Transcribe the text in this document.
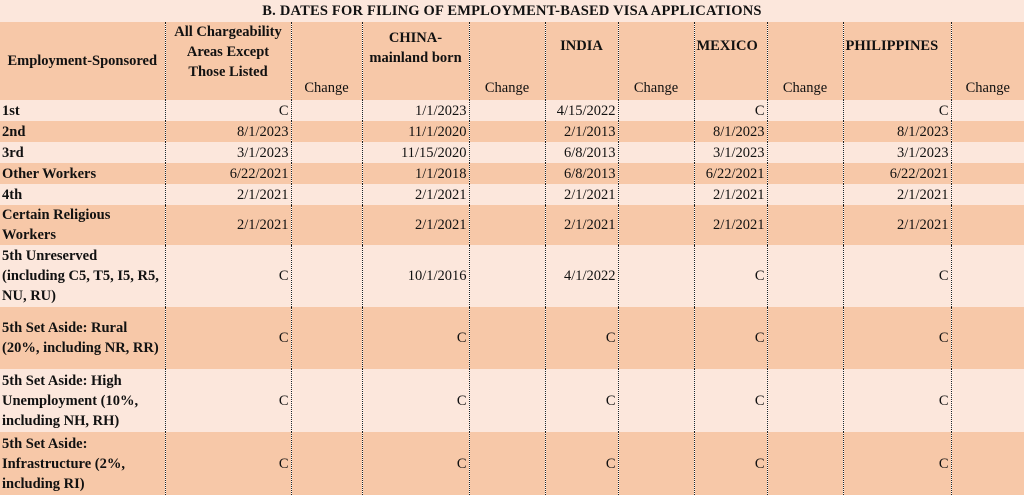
B. DATES FOR FILING OF EMPLOYMENT-BASED VISA APPLICATIONS
Employment-Sponsored	All Chargeability Areas Except Those Listed	Change	CHINA-mainland born	Change	INDIA	Change	MEXICO	Change	PHILIPPINES	Change
1st	C		1/1/2023		4/15/2022		C		C	
2nd	8/1/2023		11/1/2020		2/1/2013		8/1/2023		8/1/2023	
3rd	3/1/2023		11/15/2020		6/8/2013		3/1/2023		3/1/2023	
Other Workers	6/22/2021		1/1/2018		6/8/2013		6/22/2021		6/22/2021	
4th	2/1/2021		2/1/2021		2/1/2021		2/1/2021		2/1/2021	
Certain Religious Workers	2/1/2021		2/1/2021		2/1/2021		2/1/2021		2/1/2021	
5th Unreserved (including C5, T5, I5, R5, NU, RU)	C		10/1/2016		4/1/2022		C		C	
5th Set Aside: Rural (20%, including NR, RR)	C		C		C		C		C	
5th Set Aside: High Unemployment (10%, including NH, RH)	C		C		C		C		C	
5th Set Aside: Infrastructure (2%, including RI)	C		C		C		C		C	
